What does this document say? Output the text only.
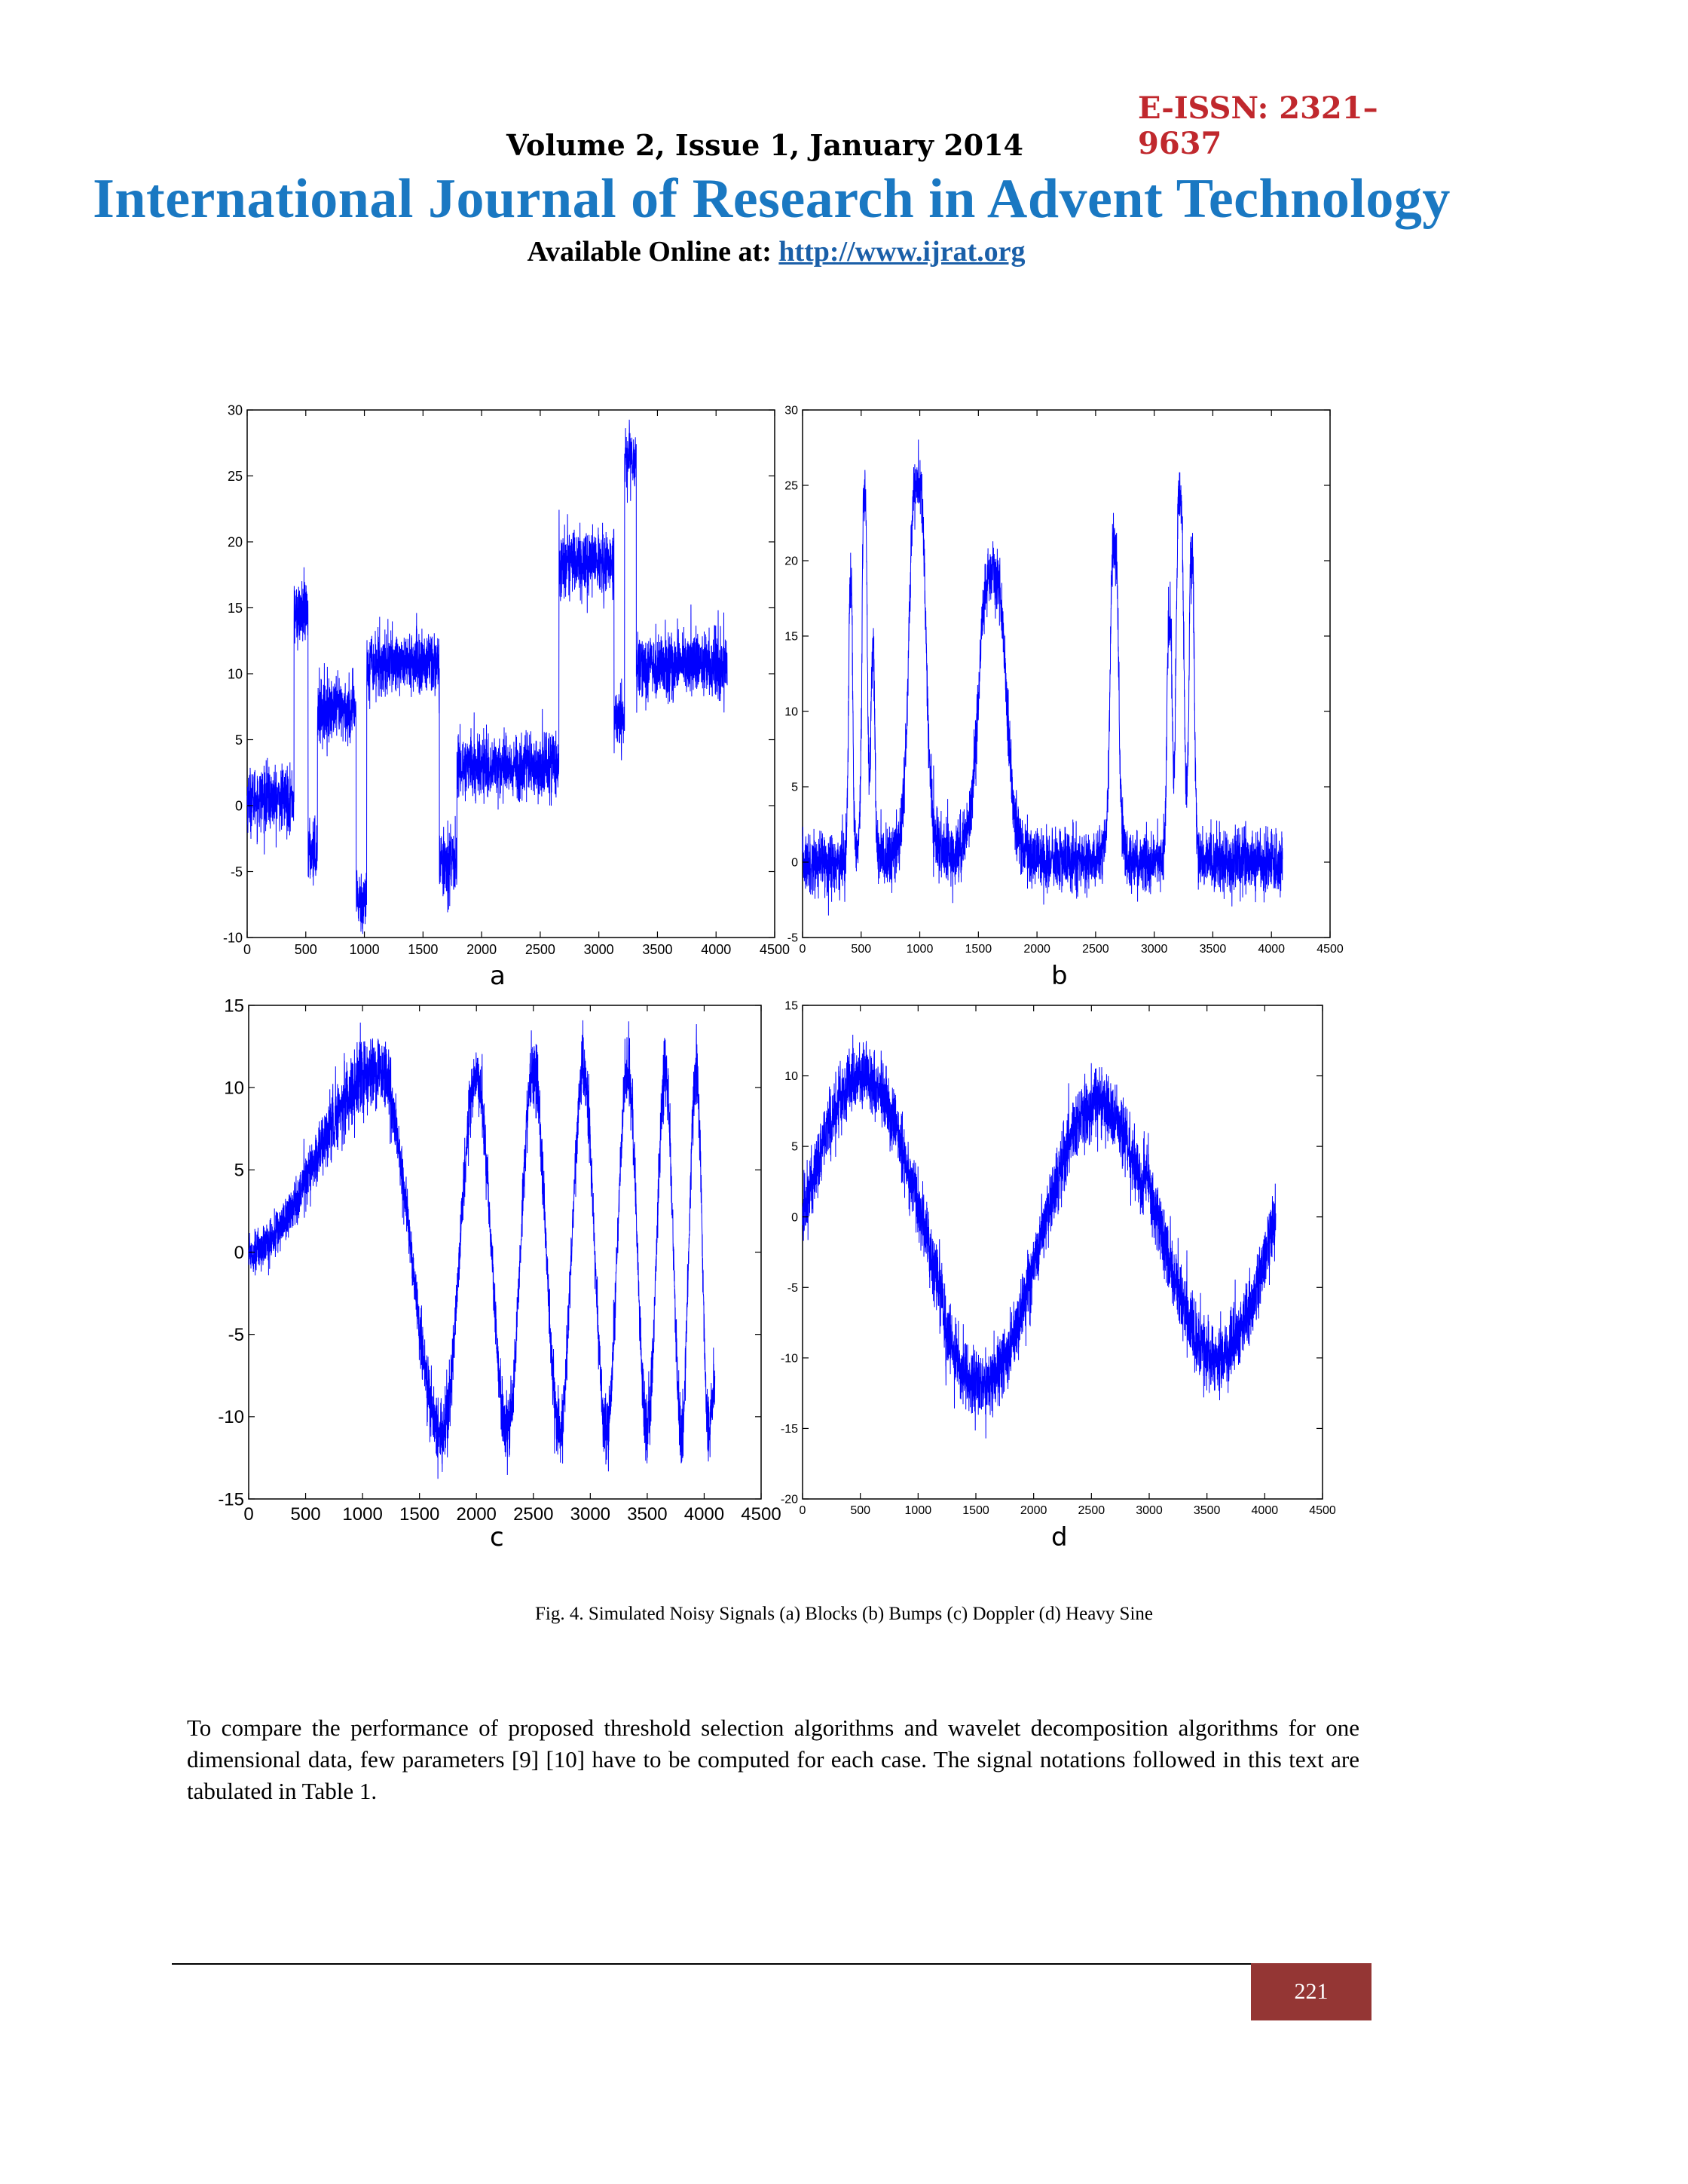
E-ISSN: 2321–9637
Volume 2, Issue 1, January 2014
International Journal of Research in Advent Technology
Available Online at: http://www.ijrat.org
0	500 1000 1500 2000 2500 3000 3500 4000 4500
-10
-5
0
5
10
15
20
25
30
a
0	500	1000	1500	2000	2500	3000	3500	4000	4500
-5
0
5
10
15
20
25
30
b
0 500 1000 1500 2000 2500 3000 3500 4000 4500
-15
-10
-5
0
5
10
15
c
0	500	1000	1500	2000	2500	3000	3500	4000	4500
-20
-15
-10
-5
0
5
10
15
d
Fig. 4. Simulated Noisy Signals (a) Blocks (b) Bumps (c) Doppler (d) Heavy Sine
To compare the performance of proposed threshold selection algorithms and wavelet decomposition algorithms for one dimensional data, few parameters [9] [10] have to be computed for each case. The signal notations followed in this text are tabulated in Table 1.
221
